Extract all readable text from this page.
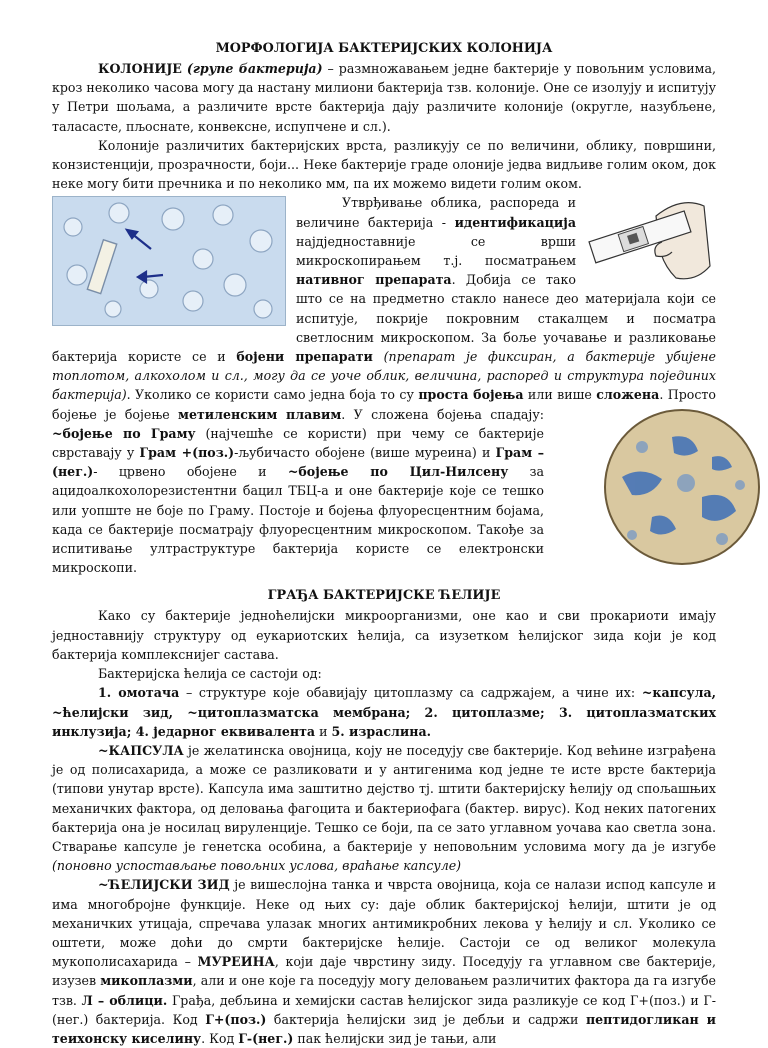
МОРФОЛОГИЈА БАКТЕРИЈСКИХ КОЛОНИЈА

КОЛОНИЈЕ (групе бактерија) – размножавањем једне бактерије у повољним условима, кроз неколико часова могу да настану милиони бактерија тзв. колоније. Оне се изолују и испитују у Петри шољама, а различите врсте бактерија дају различите колоније (округле, назубљене, таласасте, пљоснате, конвексне, испупчене и сл.).

Колоније различитих бактеријских врста, разликују се по величини, облику, површини, конзистенцији, прозрачности, боји... Неке бактерије граде олоније једва видљиве голим оком, док неке могу бити пречника и по неколико мм, па их можемо видети голим оком.

Утврђивање облика, распореда и величине бактерија - идентификација најдједноставније се врши микроскопирањем т.ј. посматрањем нативног препарата. Добија се тако што се на предметно стакло нанесе део материјала који се испитује, покрије покровним стакалцем и посматра светлосним микроскопом. За боље уочавање и разликовање бактерија користе се и бојени препарати (препарат је фиксиран, а бактерије убијене топлотом, алкохолом и сл., могу да се уоче облик, величина, распоред и структура појединих бактерија). Уколико се користи само једна боја то су проста бојења или више сложена
. Просто бојење је бојење метиленским плавим. У сложена бојења спадају: ~бојење по Граму (најчешће се користи) при чему се бактерије сврставају у Грам +(поз.)-љубичасто обојене (више муреина) и Грам – (нег.)- црвено обојене и ~бојење по Цил-Нилсену за ацидоалкохолорезистентни бацил ТБЦ-а и оне бактерије које се тешко или уопште не боје по Граму. Постоје и бојења флуоресцентним бојама, када се бактерије посматрају флуоресцентним микроскопом. Такође за испитивање ултраструктуре бактерија користе се електронски микроскопи.

ГРАЂА БАКТЕРИЈСКЕ ЋЕЛИЈЕ

Како су бактерије једноћелијски микроорганизми, оне као и сви прокариоти имају једноставнију структуру од еукариотских ћелија, са изузетком ћелијског зида који је код бактерија комплекснијег састава.

Бактеријска ћелија се састоји од:

1. омотача – структуре које обавијају цитоплазму са садржајем, а чине их: ~капсула, ~ћелијски зид, ~цитоплазматска мембрана; 2. цитоплазме; 3. цитоплазматских инклузија; 4. једарног еквивалента и 5. израслина.

~КАПСУЛА је желатинска овојница, коју не поседују све бактерије. Код већине изграђена је од полисахарида, а може се разликовати и у антигенима код једне те исте врсте бактерија (типови унутар врсте). Капсула има заштитно дејство тј. штити бактеријску ћелију од спољашњих механичких фактора, од деловања фагоцита и бактериофага (бактер. вирус). Код неких патогених бактерија она је носилац вируленције. Тешко се боји, па се зато углавном уочава као светла зона. Стварање капсуле је генетска особина, а бактерије у неповољним условима могу да је изгубе (поновно успостављање повољних услова, враћање капсуле)

~ЋЕЛИЈСКИ ЗИД је вишеслојна танка и чврста овојница, која се налази испод капсуле и има многобројне функције. Неке од њих су: даје облик бактеријској ћелији, штити је од механичких утицаја, спречава улазак многих антимикробних лекова у ћелију и сл. Уколико се оштети, може доћи до смрти бактеријске ћелије. Састоји се од великог молекула мукополисахарида – МУРЕИНА, који даје чврстину зиду. Поседују га углавном све бактерије, изузев микоплазми, али и оне које га поседују могу деловањем различитих фактора да га изгубе тзв. Л – облици. Грађа, дебљина и хемијски састав ћелијског зида разликује се код Г+(поз.) и Г-(нег.) бактерија. Код Г+(поз.) бактерија ћелијски зид је дебљи и садржи пептидогликан и теихонску киселину. Код Г-(нег.) пак ћелијски зид је тањи, али
